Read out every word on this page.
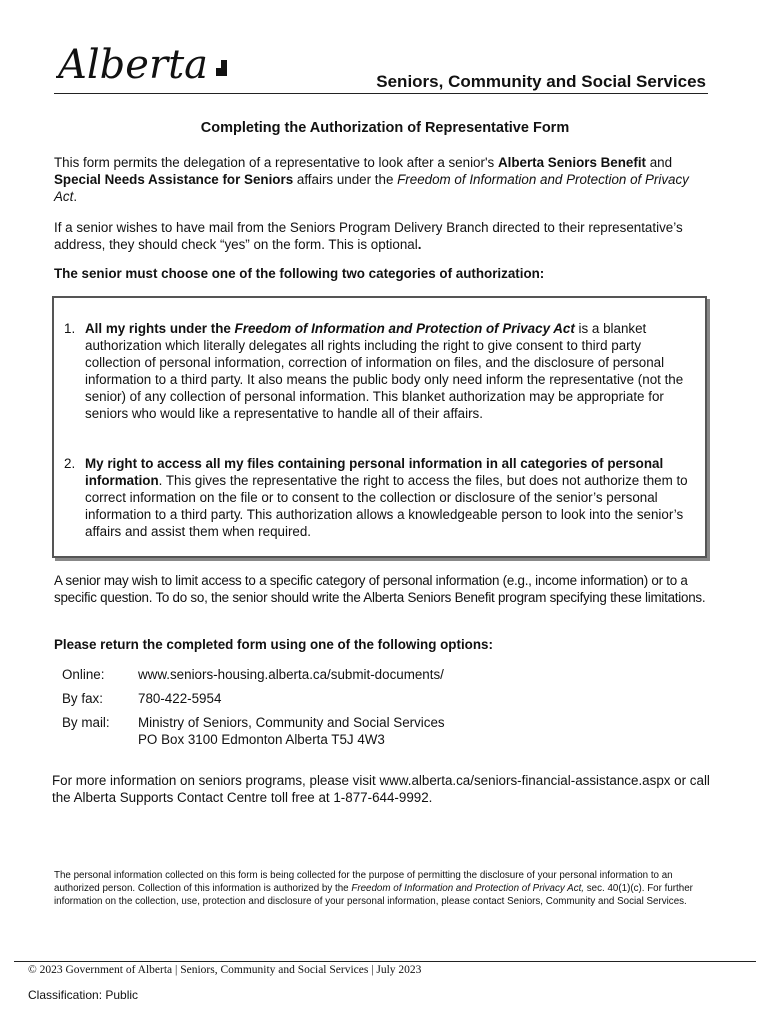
Alberta	Seniors, Community and Social Services
Completing the Authorization of Representative Form
This form permits the delegation of a representative to look after a senior's Alberta Seniors Benefit and Special Needs Assistance for Seniors affairs under the Freedom of Information and Protection of Privacy Act.
If a senior wishes to have mail from the Seniors Program Delivery Branch directed to their representative’s address, they should check “yes” on the form. This is optional.
The senior must choose one of the following two categories of authorization:
1. All my rights under the Freedom of Information and Protection of Privacy Act is a blanket authorization which literally delegates all rights including the right to give consent to third party collection of personal information, correction of information on files, and the disclosure of personal information to a third party. It also means the public body only need inform the representative (not the senior) of any collection of personal information. This blanket authorization may be appropriate for seniors who would like a representative to handle all of their affairs.
2. My right to access all my files containing personal information in all categories of personal information. This gives the representative the right to access the files, but does not authorize them to correct information on the file or to consent to the collection or disclosure of the senior’s personal information to a third party. This authorization allows a knowledgeable person to look into the senior’s affairs and assist them when required.
A senior may wish to limit access to a specific category of personal information (e.g., income information) or to a specific question. To do so, the senior should write the Alberta Seniors Benefit program specifying these limitations.
Please return the completed form using one of the following options:
Online:	www.seniors-housing.alberta.ca/submit-documents/
By fax:	780-422-5954
By mail: Ministry of Seniors, Community and Social Services
PO Box 3100 Edmonton Alberta T5J 4W3
For more information on seniors programs, please visit www.alberta.ca/seniors-financial-assistance.aspx or call the Alberta Supports Contact Centre toll free at 1-877-644-9992.
The personal information collected on this form is being collected for the purpose of permitting the disclosure of your personal information to an authorized person. Collection of this information is authorized by the Freedom of Information and Protection of Privacy Act, sec. 40(1)(c). For further information on the collection, use, protection and disclosure of your personal information, please contact Seniors, Community and Social Services.
© 2023 Government of Alberta | Seniors, Community and Social Services | July 2023
Classification: Public
